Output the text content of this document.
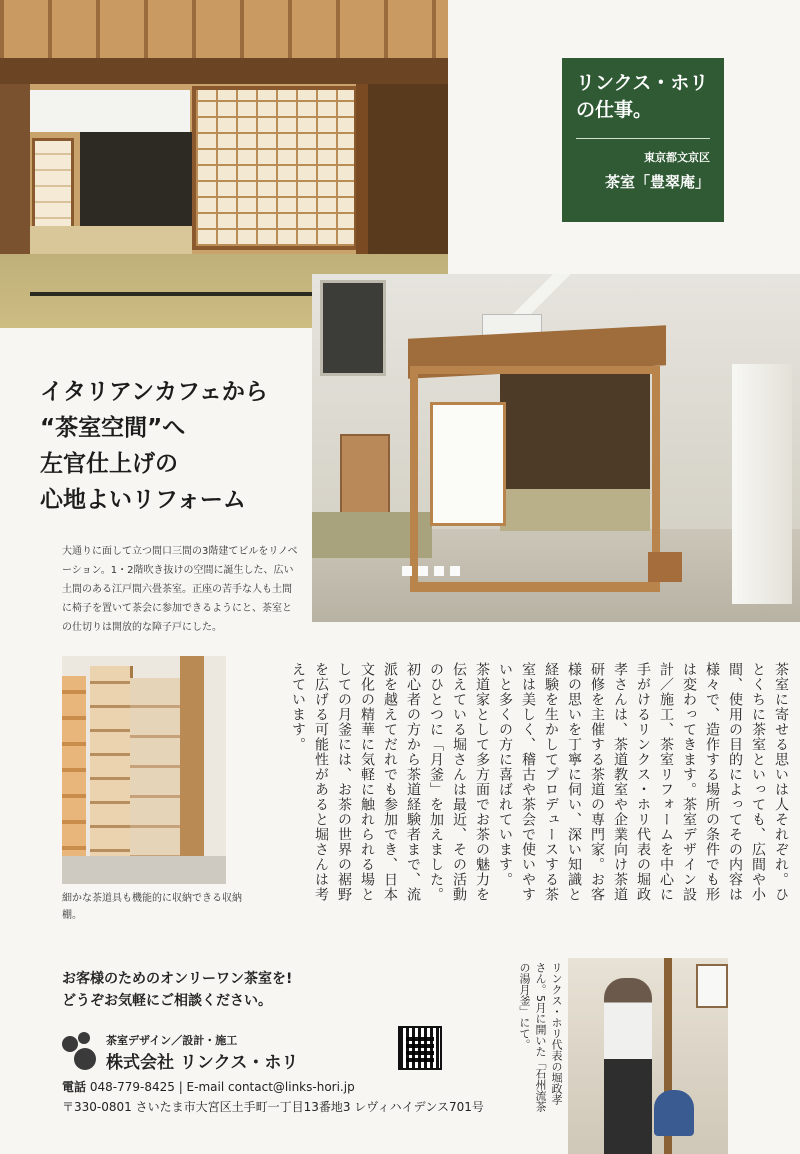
リンクス・ホリ
の仕事。
東京都文京区
茶室「豊翠庵」
イタリアンカフェから
“茶室空間”へ
左官仕上げの
心地よいリフォーム
大通りに面して立つ間口三間の3階建てビルをリノベーション。1・2階吹き抜けの空間に誕生した、広い土間のある江戸間六畳茶室。正座の苦手な人も土間に椅子を置いて茶会に参加できるようにと、茶室との仕切りは開放的な障子戸にした。
細かな茶道具も機能的に収納できる収納棚。

茶室に寄せる思いは人それぞれ。ひとくちに茶室といっても、広間や小間、使用の目的によってその内容は様々で、造作する場所の条件でも形は変わってきます。茶室デザイン設計／施工、茶室リフォームを中心に手がけるリンクス・ホリ代表の堀政孝さんは、茶道教室や企業向け茶道研修を主催する茶道の専門家。お客様の思いを丁寧に伺い、深い知識と経験を生かしてプロデュースする茶室は美しく、稽古や茶会で使いやすいと多くの方に喜ばれています。

茶道家として多方面でお茶の魅力を伝えている堀さんは最近、その活動のひとつに「月釜」を加えました。初心者の方から茶道経験者まで、流派を越えてだれでも参加でき、日本文化の精華に気軽に触れられる場としての月釜には、お茶の世界の裾野を広げる可能性があると堀さんは考えています。

お客様のためのオンリーワン茶室を!
どうぞお気軽にご相談ください。
茶室デザイン／設計・施工
株式会社 リンクス・ホリ
電話 048-779-8425 | E-mail contact@links-hori.jp
〒330-0801 さいたま市大宮区土手町一丁目13番地3 レヴィハイデンス701号
リンクス・ホリ代表の堀政孝さん。5月に開いた「石州流茶の湯月釜」にて。
